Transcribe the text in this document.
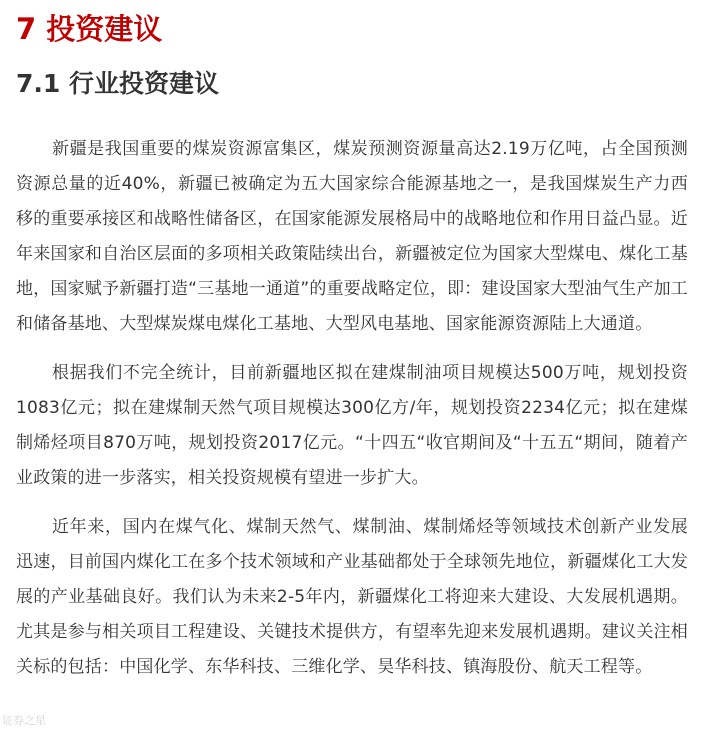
7 投资建议
7.1 行业投资建议

新疆是我国重要的煤炭资源富集区，煤炭预测资源量高达2.19万亿吨，占全国预测资源总量的近40%，新疆已被确定为五大国家综合能源基地之一，是我国煤炭生产力西移的重要承接区和战略性储备区，在国家能源发展格局中的战略地位和作用日益凸显。近年来国家和自治区层面的多项相关政策陆续出台，新疆被定位为国家大型煤电、煤化工基地，国家赋予新疆打造“三基地一通道”的重要战略定位，即：建设国家大型油气生产加工和储备基地、大型煤炭煤电煤化工基地、大型风电基地、国家能源资源陆上大通道。

根据我们不完全统计，目前新疆地区拟在建煤制油项目规模达500万吨，规划投资1083亿元；拟在建煤制天然气项目规模达300亿方/年，规划投资2234亿元；拟在建煤制烯烃项目870万吨，规划投资2017亿元。“十四五“收官期间及“十五五“期间，随着产业政策的进一步落实，相关投资规模有望进一步扩大。

近年来，国内在煤气化、煤制天然气、煤制油、煤制烯烃等领域技术创新产业发展迅速，目前国内煤化工在多个技术领域和产业基础都处于全球领先地位，新疆煤化工大发展的产业基础良好。我们认为未来2-5年内，新疆煤化工将迎来大建设、大发展机遇期。尤其是参与相关项目工程建设、关键技术提供方，有望率先迎来发展机遇期。建议关注相关标的包括：中国化学、东华科技、三维化学、昊华科技、镇海股份、航天工程等。

证券之星
